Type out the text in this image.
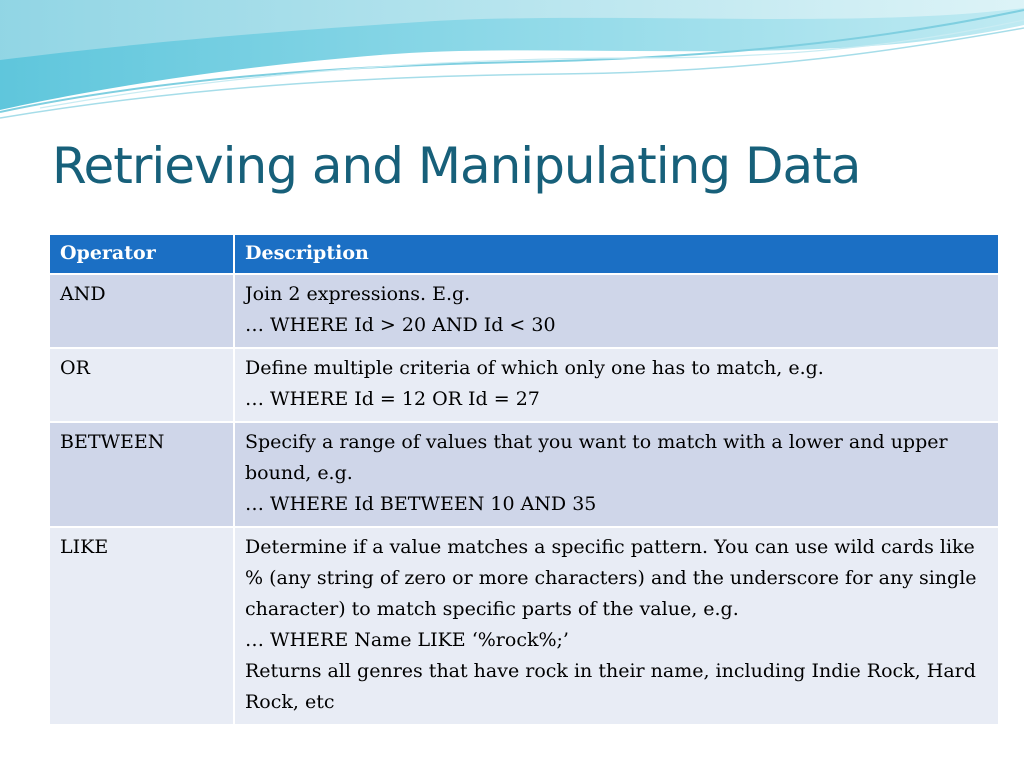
Retrieving and Manipulating Data
Operator	Description
AND	Join 2 expressions. E.g.
… WHERE Id > 20 AND Id < 30

OR	Define multiple criteria of which only one has to match, e.g.
… WHERE Id = 12 OR Id = 27

BETWEEN	Specify a range of values that you want to match with a lower and upper bound, e.g.
… WHERE Id BETWEEN 10 AND 35

LIKE	Determine if a value matches a specific pattern. You can use wild cards like % (any string of zero or more characters) and the underscore for any single character) to match specific parts of the value, e.g.
… WHERE Name LIKE ‘%rock%;’
Returns all genres that have rock in their name, including Indie Rock, Hard Rock, etc
